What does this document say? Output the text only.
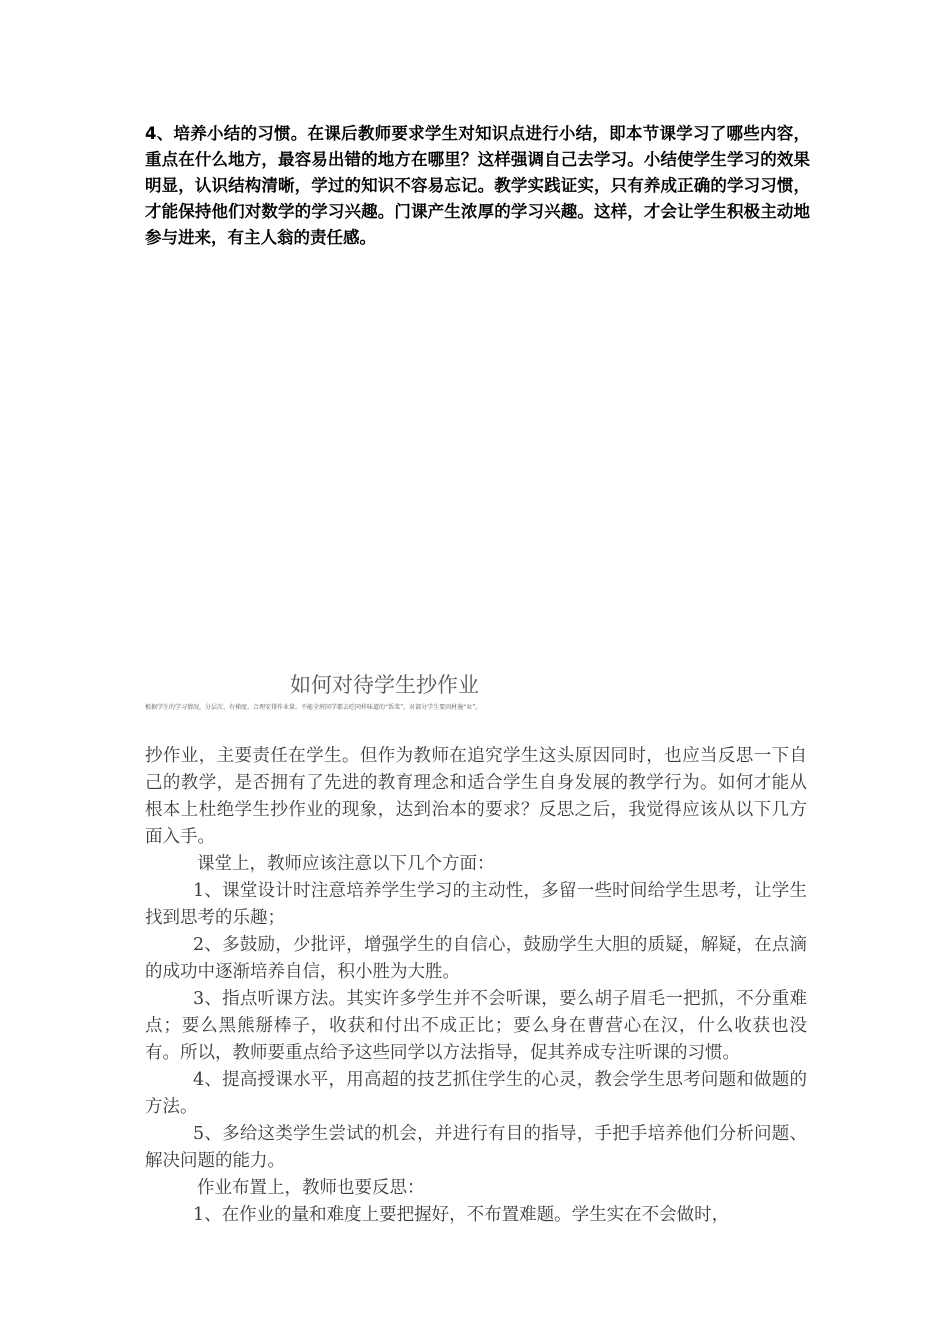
4、培养小结的习惯。在课后教师要求学生对知识点进行小结，即本节课学习了哪些内容，重点在什么地方，最容易出错的地方在哪里？这样强调自己去学习。小结使学生学习的效果明显，认识结构清晰，学过的知识不容易忘记。教学实践证实，只有养成正确的学习习惯，才能保持他们对数学的学习兴趣。门课产生浓厚的学习兴趣。这样，才会让学生积极主动地参与进来，有主人翁的责任感。
如何对待学生抄作业
根据学生的学习情况，分层次、有梯度、合理安排作业量。不能全班同学都去吃同样味道的“饭菜”，对部分学生要因材施“业”。

抄作业，主要责任在学生。但作为教师在追究学生这头原因同时，也应当反思一下自己的教学，是否拥有了先进的教育理念和适合学生自身发展的教学行为。如何才能从根本上杜绝学生抄作业的现象，达到治本的要求？反思之后，我觉得应该从以下几方面入手。

课堂上，教师应该注意以下几个方面：

1、课堂设计时注意培养学生学习的主动性，多留一些时间给学生思考，让学生找到思考的乐趣；

2、多鼓励，少批评，增强学生的自信心，鼓励学生大胆的质疑，解疑，在点滴的成功中逐渐培养自信，积小胜为大胜。

3、指点听课方法。其实许多学生并不会听课，要么胡子眉毛一把抓，不分重难点；要么黑熊掰棒子，收获和付出不成正比；要么身在曹营心在汉，什么收获也没有。所以，教师要重点给予这些同学以方法指导，促其养成专注听课的习惯。

4、提高授课水平，用高超的技艺抓住学生的心灵，教会学生思考问题和做题的方法。

5、多给这类学生尝试的机会，并进行有目的指导，手把手培养他们分析问题、解决问题的能力。

作业布置上，教师也要反思：

1、在作业的量和难度上要把握好，不布置难题。学生实在不会做时，
